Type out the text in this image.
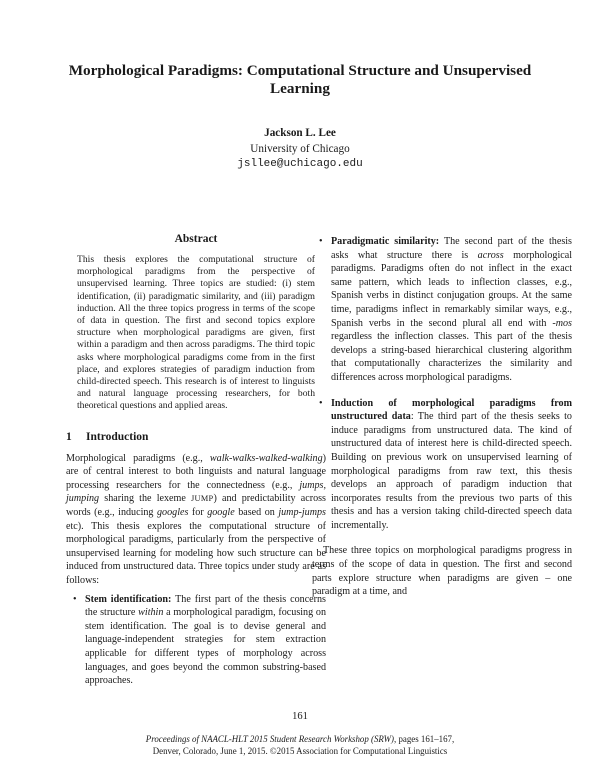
Morphological Paradigms: Computational Structure and Unsupervised Learning
Jackson L. Lee
University of Chicago
jsllee@uchicago.edu
Abstract
This thesis explores the computational structure of morphological paradigms from the perspective of unsupervised learning. Three topics are studied: (i) stem identification, (ii) paradigmatic similarity, and (iii) paradigm induction. All the three topics progress in terms of the scope of data in question. The first and second topics explore structure when morphological paradigms are given, first within a paradigm and then across paradigms. The third topic asks where morphological paradigms come from in the first place, and explores strategies of paradigm induction from child-directed speech. This research is of interest to linguists and natural language processing researchers, for both theoretical questions and applied areas.
1 Introduction

Morphological paradigms (e.g., walk-walks-walked-walking) are of central interest to both linguists and natural language processing researchers for the connectedness (e.g., jumps, jumping sharing the lexeme JUMP) and predictability across words (e.g., inducing googles for google based on jump-jumps etc). This thesis explores the computational structure of morphological paradigms, particularly from the perspective of unsupervised learning for modeling how such structure can be induced from unstructured data. Three topics under study are as follows:

• Stem identification: The first part of the thesis concerns the structure within a morphological paradigm, focusing on stem identification. The goal is to devise general and language-independent strategies for stem extraction applicable for different types of morphology across languages, and goes beyond the common substring-based approaches.
• Paradigmatic similarity: The second part of the thesis asks what structure there is across morphological paradigms. Paradigms often do not inflect in the exact same pattern, which leads to inflection classes, e.g., Spanish verbs in distinct conjugation groups. At the same time, paradigms inflect in remarkably similar ways, e.g., Spanish verbs in the second plural all end with -mos regardless the inflection classes. This part of the thesis develops a string-based hierarchical clustering algorithm that computationally characterizes the similarity and differences across morphological paradigms.
• Induction of morphological paradigms from unstructured data: The third part of the thesis seeks to induce paradigms from unstructured data. The kind of unstructured data of interest here is child-directed speech. Building on previous work on unsupervised learning of morphological paradigms from raw text, this thesis develops an approach of paradigm induction that incorporates results from the previous two parts of this thesis and has a version taking child-directed speech data incrementally.

These three topics on morphological paradigms progress in terms of the scope of data in question. The first and second parts explore structure when paradigms are given – one paradigm at a time, and

161
Proceedings of NAACL-HLT 2015 Student Research Workshop (SRW), pages 161–167,
Denver, Colorado, June 1, 2015. ©2015 Association for Computational Linguistics
